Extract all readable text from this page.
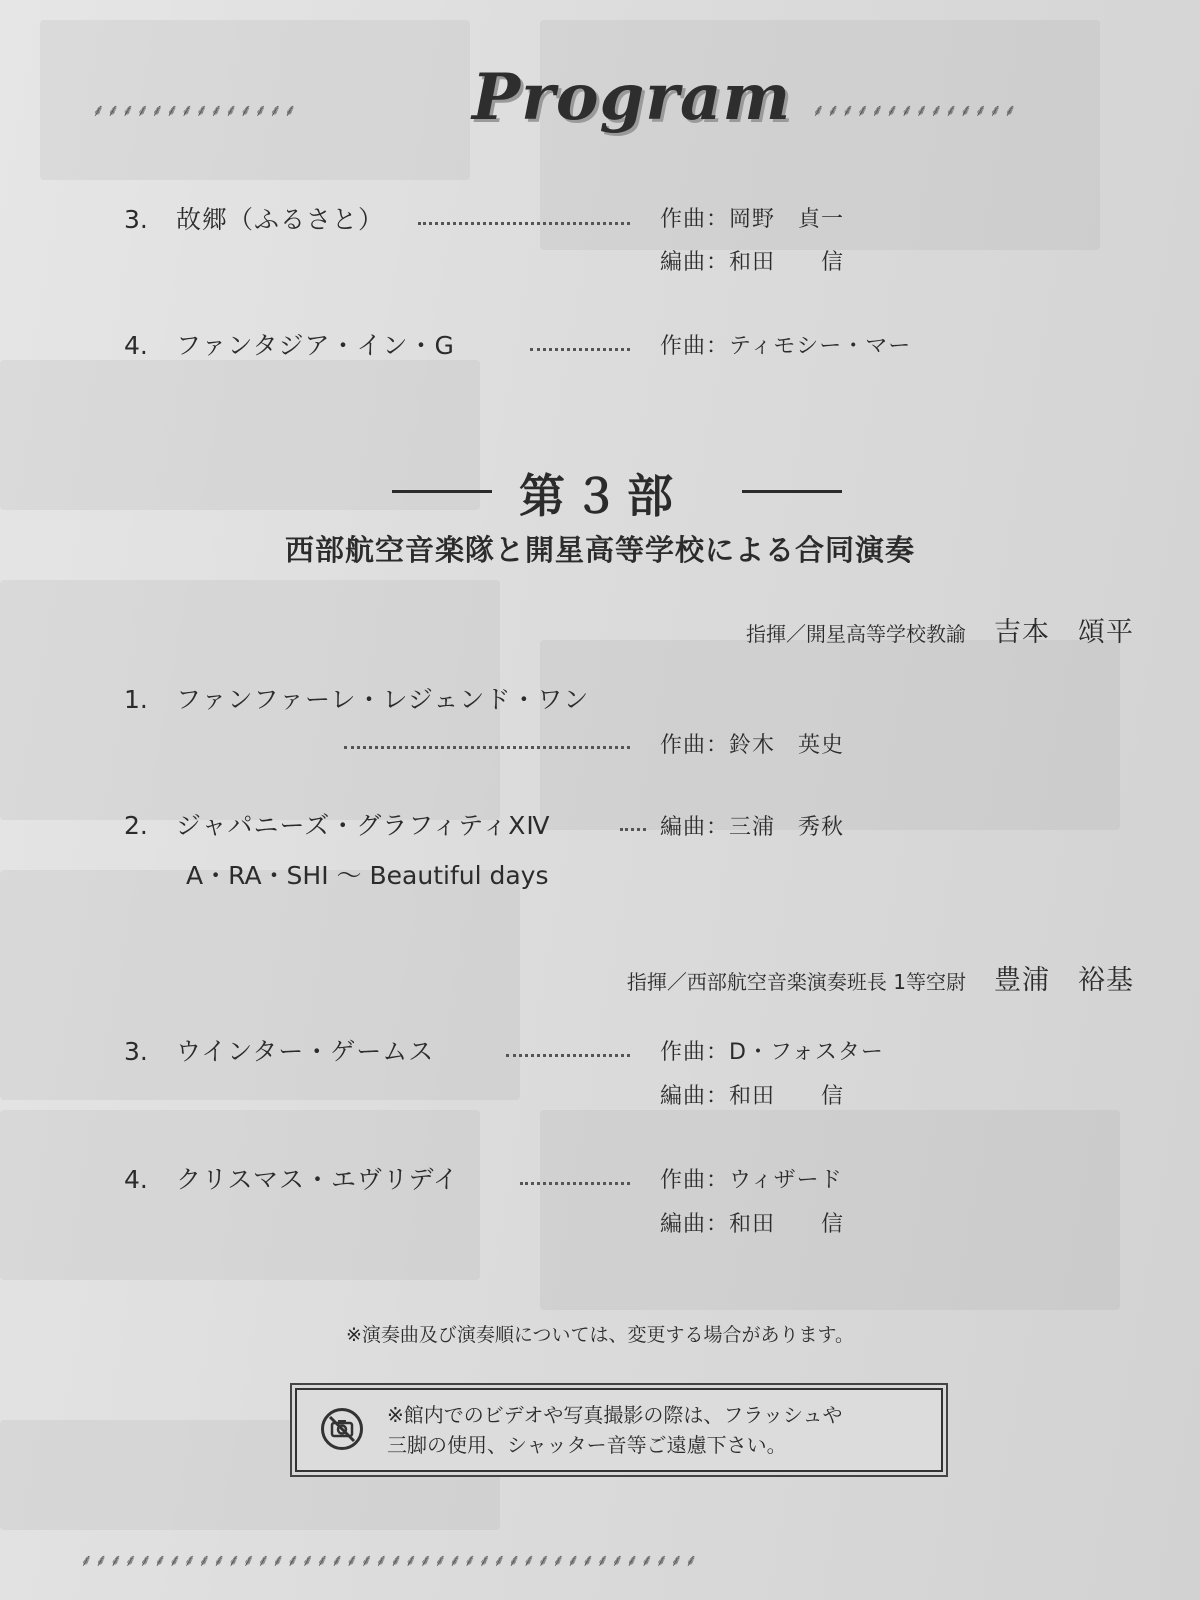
⸙⸙⸙⸙⸙⸙⸙⸙⸙⸙⸙⸙⸙⸙	Program ⸙⸙⸙⸙⸙⸙⸙⸙⸙⸙⸙⸙⸙⸙
3. 故郷（ふるさと）	作曲：岡野　貞一
編曲：和田　　信
4. ファンタジア・イン・G	作曲：ティモシー・マー
第３部
西部航空音楽隊と開星高等学校による合同演奏
指揮／開星高等学校教諭 吉本　頌平
1. ファンファーレ・レジェンド・ワン
作曲：鈴木　英史
2. ジャパニーズ・グラフィティⅩⅣ	編曲：三浦　秀秋
A・RA・SHI ～ Beautiful days
指揮／西部航空音楽演奏班長 1等空尉 豊浦　裕基
3. ウインター・ゲームス	作曲：D・フォスター
編曲：和田　　信
4. クリスマス・エヴリデイ	作曲：ウィザード
編曲：和田　　信
※演奏曲及び演奏順については、変更する場合があります。
※館内でのビデオや写真撮影の際は、フラッシュや
三脚の使用、シャッター音等ご遠慮下さい。
⸙⸙⸙⸙⸙⸙⸙⸙⸙⸙⸙⸙⸙⸙⸙⸙⸙⸙⸙⸙⸙⸙⸙⸙⸙⸙⸙⸙⸙⸙⸙⸙⸙⸙⸙⸙⸙⸙⸙⸙⸙⸙
